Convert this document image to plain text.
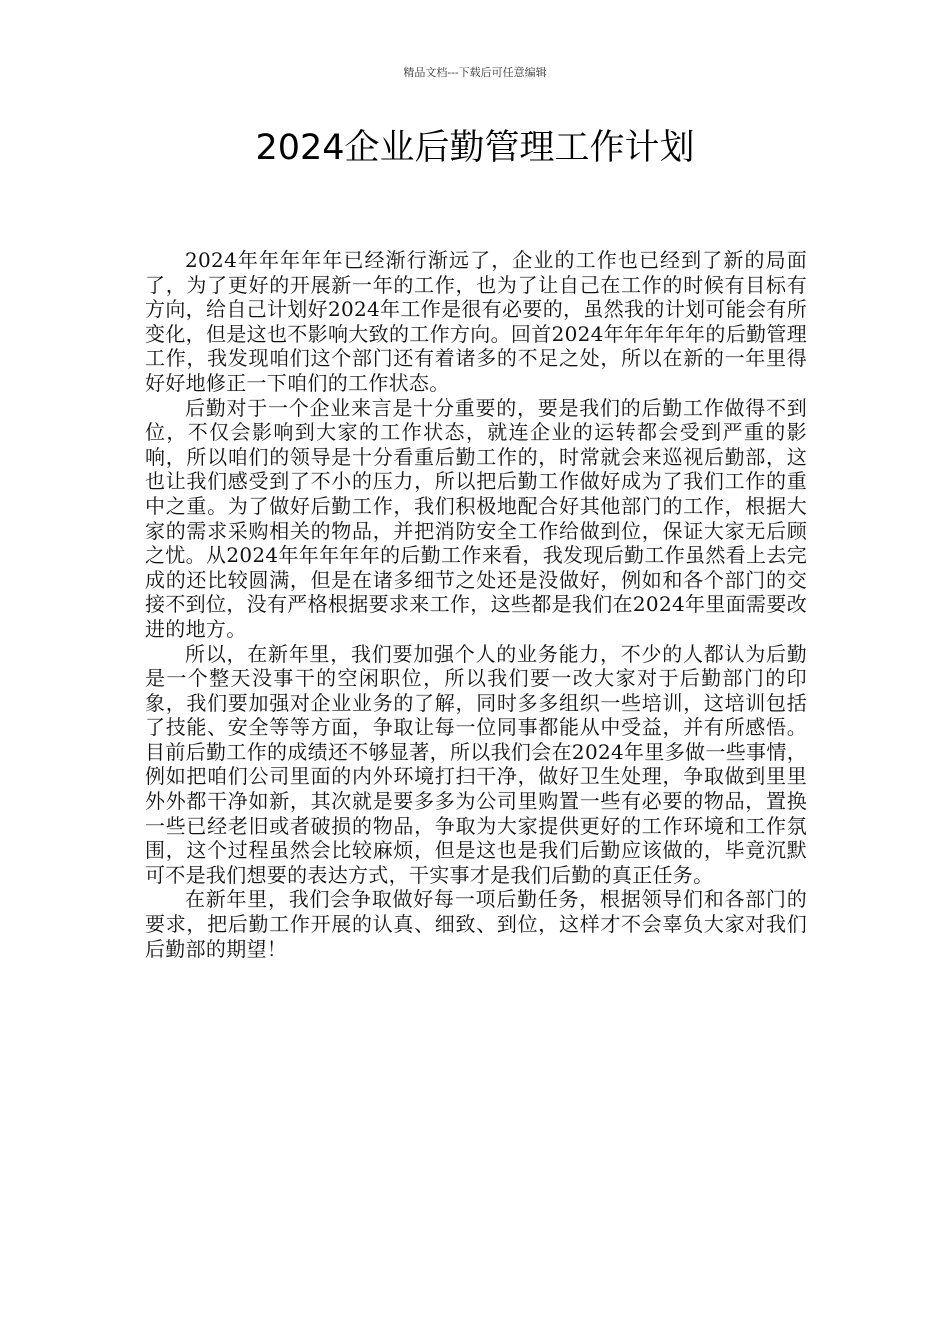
精品文档---下载后可任意编辑
2024企业后勤管理工作计划

2024年年年年年已经渐行渐远了，企业的工作也已经到了新的局面了，为了更好的开展新一年的工作，也为了让自己在工作的时候有目标有方向，给自己计划好2024年工作是很有必要的，虽然我的计划可能会有所变化，但是这也不影响大致的工作方向。回首2024年年年年年的后勤管理工作，我发现咱们这个部门还有着诸多的不足之处，所以在新的一年里得好好地修正一下咱们的工作状态。

后勤对于一个企业来言是十分重要的，要是我们的后勤工作做得不到位，不仅会影响到大家的工作状态，就连企业的运转都会受到严重的影响，所以咱们的领导是十分看重后勤工作的，时常就会来巡视后勤部，这也让我们感受到了不小的压力，所以把后勤工作做好成为了我们工作的重中之重。为了做好后勤工作，我们积极地配合好其他部门的工作，根据大家的需求采购相关的物品，并把消防安全工作给做到位，保证大家无后顾之忧。从2024年年年年年的后勤工作来看，我发现后勤工作虽然看上去完成的还比较圆满，但是在诸多细节之处还是没做好，例如和各个部门的交接不到位，没有严格根据要求来工作，这些都是我们在2024年里面需要改进的地方。

所以，在新年里，我们要加强个人的业务能力，不少的人都认为后勤是一个整天没事干的空闲职位，所以我们要一改大家对于后勤部门的印象，我们要加强对企业业务的了解，同时多多组织一些培训，这培训包括了技能、安全等等方面，争取让每一位同事都能从中受益，并有所感悟。目前后勤工作的成绩还不够显著，所以我们会在2024年里多做一些事情，例如把咱们公司里面的内外环境打扫干净，做好卫生处理，争取做到里里外外都干净如新，其次就是要多多为公司里购置一些有必要的物品，置换一些已经老旧或者破损的物品，争取为大家提供更好的工作环境和工作氛围，这个过程虽然会比较麻烦，但是这也是我们后勤应该做的，毕竟沉默可不是我们想要的表达方式，干实事才是我们后勤的真正任务。

在新年里，我们会争取做好每一项后勤任务，根据领导们和各部门的要求，把后勤工作开展的认真、细致、到位，这样才不会辜负大家对我们后勤部的期望！
